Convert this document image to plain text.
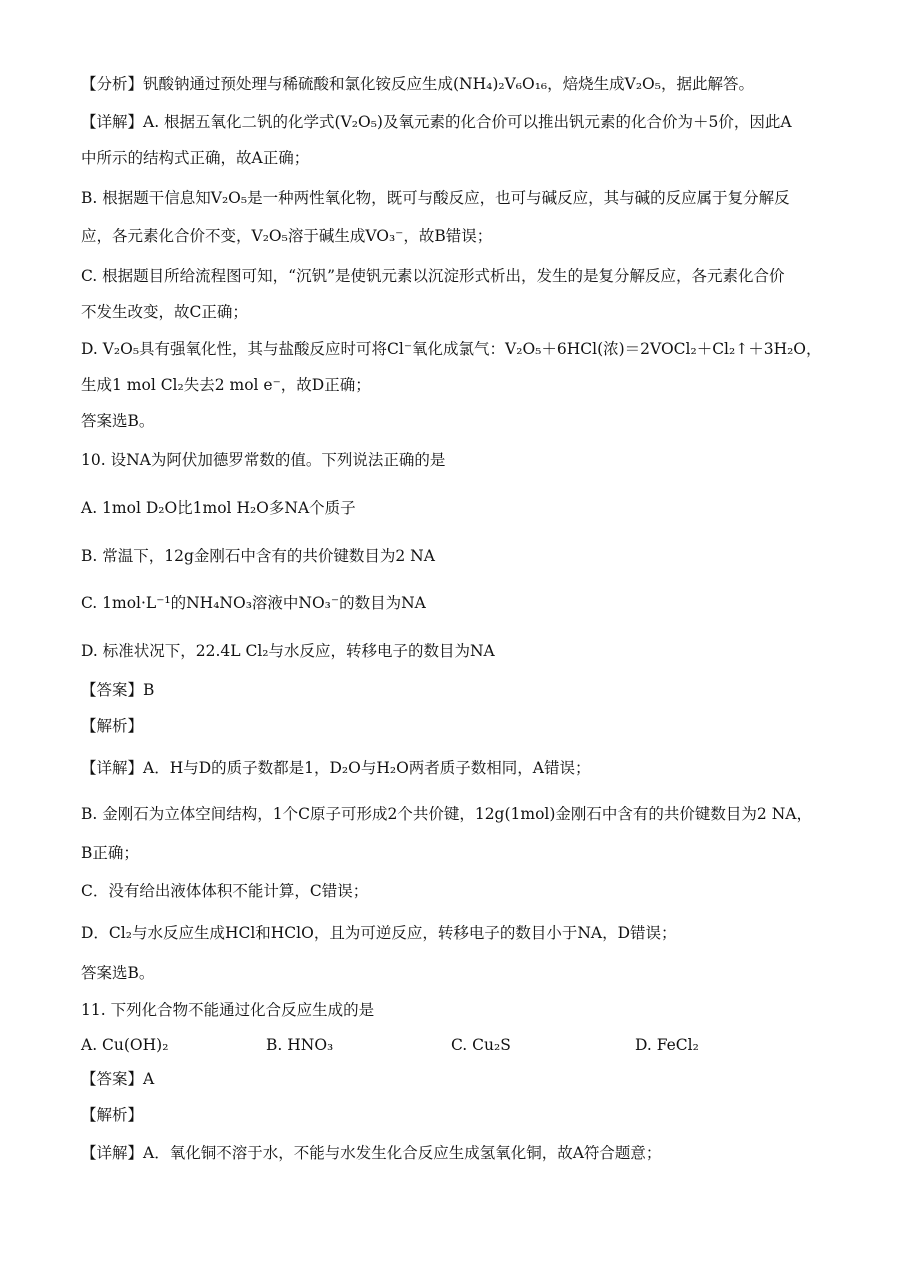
【分析】钒酸钠通过预处理与稀硫酸和氯化铵反应生成(NH₄)₂V₆O₁₆，焙烧生成V₂O₅，据此解答。
【详解】A. 根据五氧化二钒的化学式(V₂O₅)及氧元素的化合价可以推出钒元素的化合价为＋5价，因此A
中所示的结构式正确，故A正确；
B. 根据题干信息知V₂O₅是一种两性氧化物，既可与酸反应，也可与碱反应，其与碱的反应属于复分解反
应，各元素化合价不变，V₂O₅溶于碱生成VO₃⁻，故B错误；
C. 根据题目所给流程图可知，“沉钒”是使钒元素以沉淀形式析出，发生的是复分解反应，各元素化合价
不发生改变，故C正确；
D. V₂O₅具有强氧化性，其与盐酸反应时可将Cl⁻氧化成氯气：V₂O₅＋6HCl(浓)＝2VOCl₂＋Cl₂↑＋3H₂O，
生成1 mol Cl₂失去2 mol e⁻，故D正确；
答案选B。
10. 设NA为阿伏加德罗常数的值。下列说法正确的是
A. 1mol D₂O比1mol H₂O多NA个质子
B. 常温下，12g金刚石中含有的共价键数目为2 NA
C. 1mol·L⁻¹的NH₄NO₃溶液中NO₃⁻的数目为NA
D. 标准状况下，22.4L Cl₂与水反应，转移电子的数目为NA
【答案】B
【解析】
【详解】A．H与D的质子数都是1，D₂O与H₂O两者质子数相同，A错误；
B. 金刚石为立体空间结构，1个C原子可形成2个共价键，12g(1mol)金刚石中含有的共价键数目为2 NA，
B正确；
C．没有给出液体体积不能计算，C错误；
D．Cl₂与水反应生成HCl和HClO，且为可逆反应，转移电子的数目小于NA，D错误；
答案选B。
11. 下列化合物不能通过化合反应生成的是
A. Cu(OH)₂	B. HNO₃	C. Cu₂S	D. FeCl₂
【答案】A
【解析】
【详解】A．氧化铜不溶于水，不能与水发生化合反应生成氢氧化铜，故A符合题意；
